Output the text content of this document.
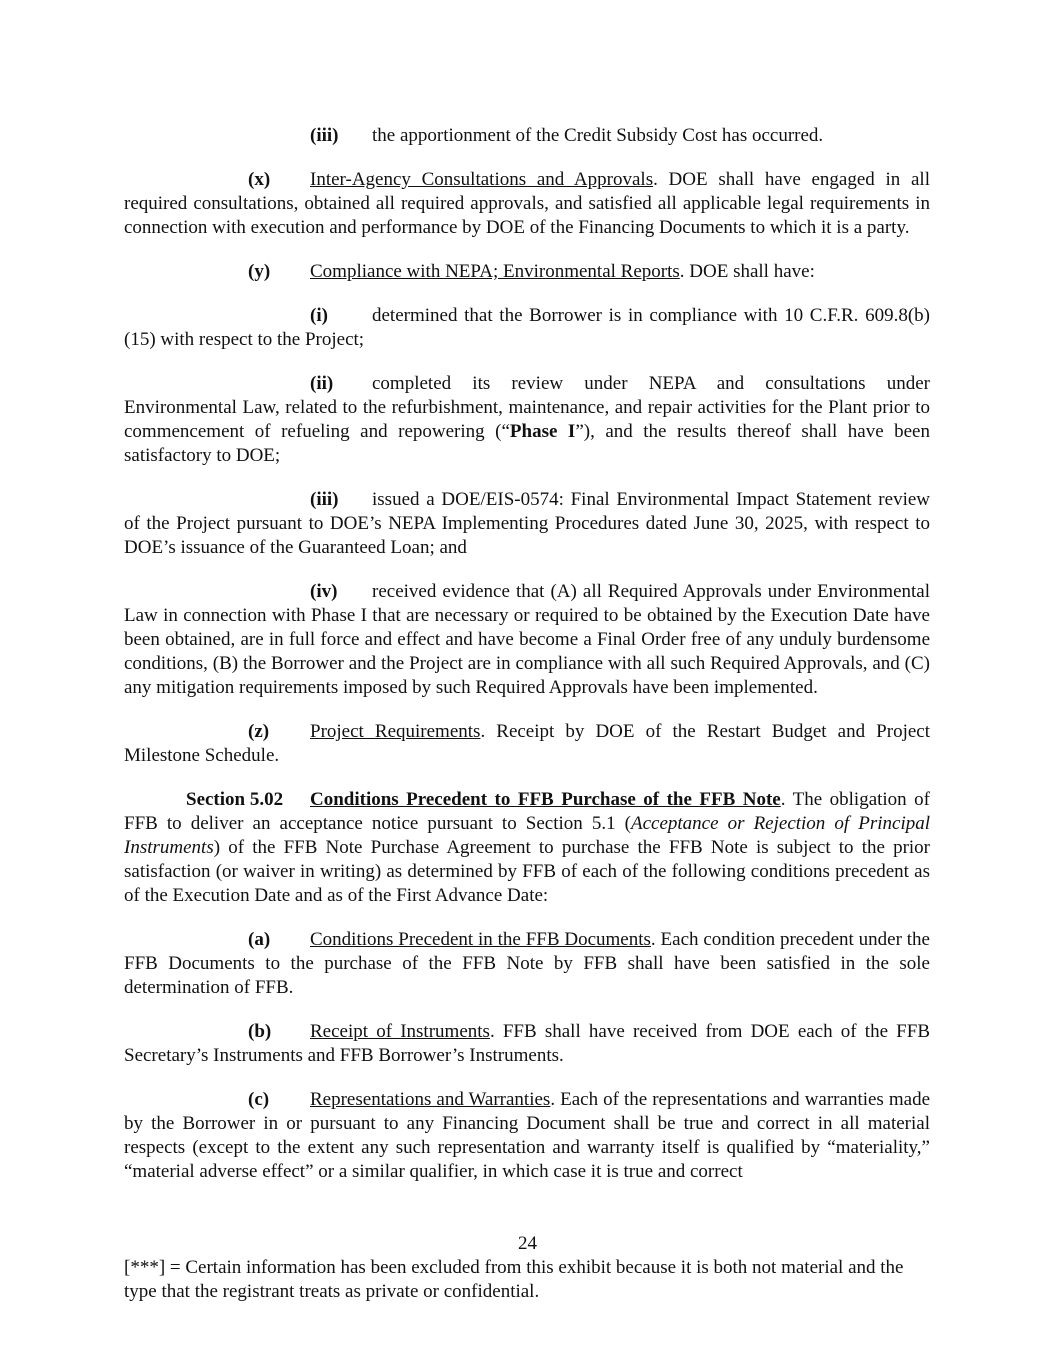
(iii) the apportionment of the Credit Subsidy Cost has occurred.

(x) Inter-Agency Consultations and Approvals. DOE shall have engaged in all required consultations, obtained all required approvals, and satisfied all applicable legal requirements in connection with execution and performance by DOE of the Financing Documents to which it is a party.

(y) Compliance with NEPA; Environmental Reports. DOE shall have:

(i) determined that the Borrower is in compliance with 10 C.F.R. 609.8(b)(15) with respect to the Project;

(ii) completed its review under NEPA and consultations under Environmental Law, related to the refurbishment, maintenance, and repair activities for the Plant prior to commencement of refueling and repowering (“Phase I”), and the results thereof shall have been satisfactory to DOE;

(iii) issued a DOE/EIS-0574: Final Environmental Impact Statement review of the Project pursuant to DOE’s NEPA Implementing Procedures dated June 30, 2025, with respect to DOE’s issuance of the Guaranteed Loan; and

(iv) received evidence that (A) all Required Approvals under Environmental Law in connection with Phase I that are necessary or required to be obtained by the Execution Date have been obtained, are in full force and effect and have become a Final Order free of any unduly burdensome conditions, (B) the Borrower and the Project are in compliance with all such Required Approvals, and (C) any mitigation requirements imposed by such Required Approvals have been implemented.

(z) Project Requirements. Receipt by DOE of the Restart Budget and Project Milestone Schedule.

Section 5.02 Conditions Precedent to FFB Purchase of the FFB Note. The obligation of FFB to deliver an acceptance notice pursuant to Section 5.1 (Acceptance or Rejection of Principal Instruments) of the FFB Note Purchase Agreement to purchase the FFB Note is subject to the prior satisfaction (or waiver in writing) as determined by FFB of each of the following conditions precedent as of the Execution Date and as of the First Advance Date:

(a) Conditions Precedent in the FFB Documents. Each condition precedent under the FFB Documents to the purchase of the FFB Note by FFB shall have been satisfied in the sole determination of FFB.

(b) Receipt of Instruments. FFB shall have received from DOE each of the FFB Secretary’s Instruments and FFB Borrower’s Instruments.

(c) Representations and Warranties. Each of the representations and warranties made by the Borrower in or pursuant to any Financing Document shall be true and correct in all material respects (except to the extent any such representation and warranty itself is qualified by “materiality,” “material adverse effect” or a similar qualifier, in which case it is true and correct

24
[***] = Certain information has been excluded from this exhibit because it is both not material and the type that the registrant treats as private or confidential.
